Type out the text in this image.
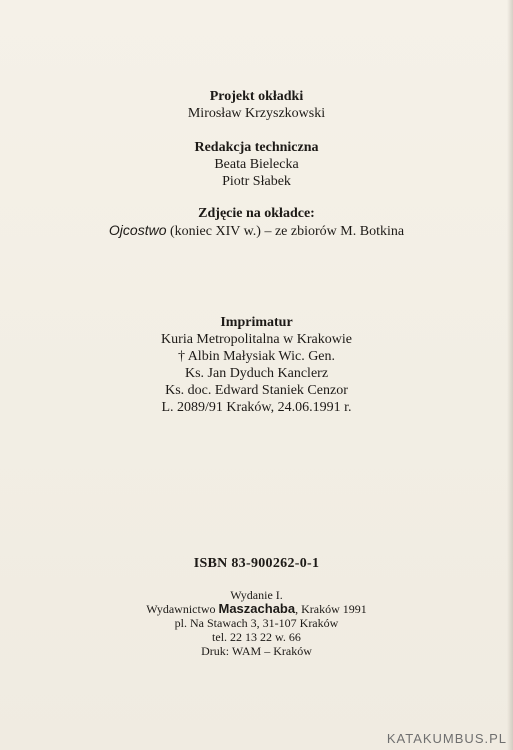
Projekt okładki

Mirosław Krzyszkowski

Redakcja techniczna

Beata Bielecka

Piotr Słabek

Zdjęcie na okładce:

Ojcostwo (koniec XIV w.) – ze zbiorów M. Botkina

Imprimatur

Kuria Metropolitalna w Krakowie

† Albin Małysiak Wic. Gen.

Ks. Jan Dyduch Kanclerz

Ks. doc. Edward Staniek Cenzor

L. 2089/91 Kraków, 24.06.1991 r.

ISBN 83-900262-0-1

Wydanie I.

Wydawnictwo Maszachaba, Kraków 1991

pl. Na Stawach 3, 31-107 Kraków

tel. 22 13 22 w. 66

Druk: WAM – Kraków

KATAKUMBUS.PL
